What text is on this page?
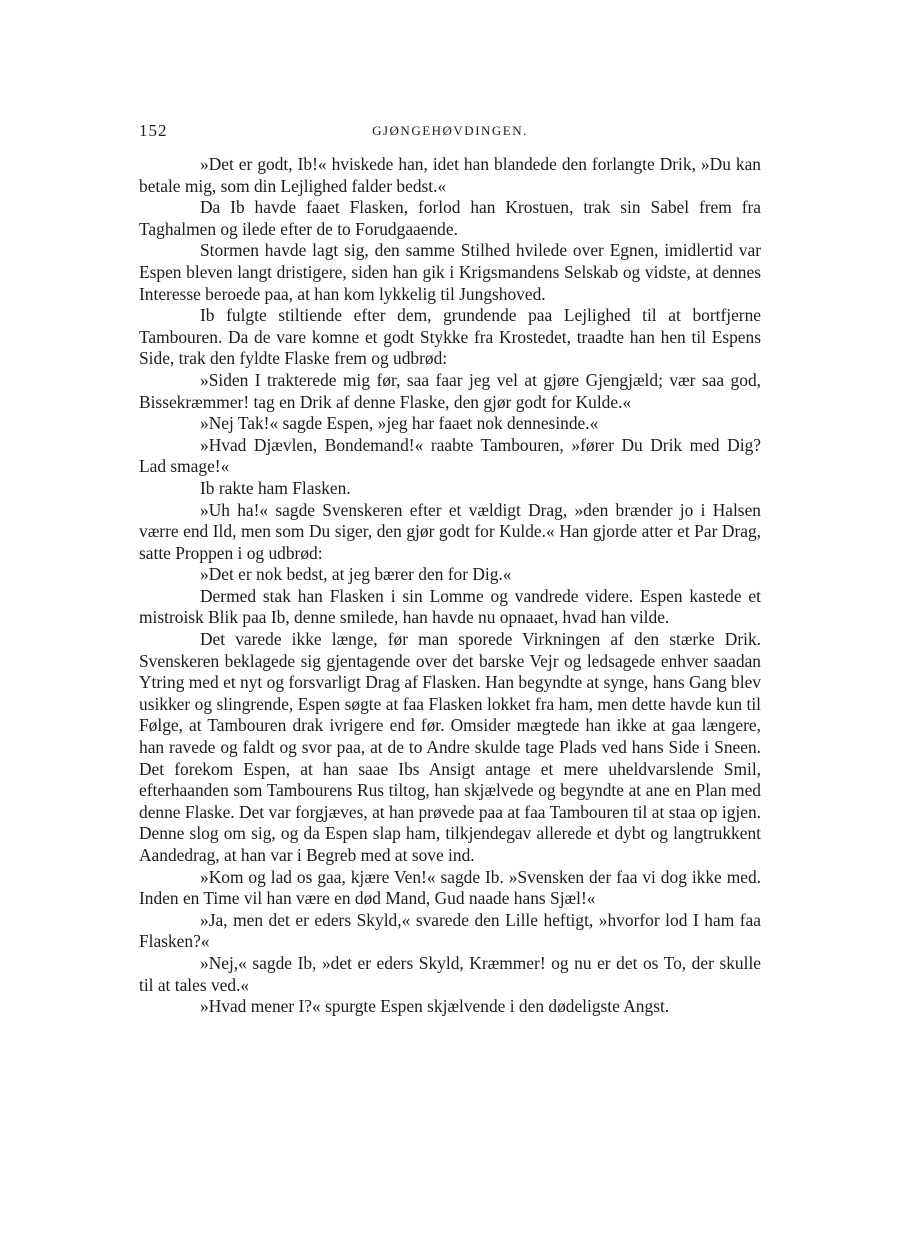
152	GJØNGEHØVDINGEN.

»Det er godt, Ib!« hviskede han, idet han blandede den forlangte Drik, »Du kan betale mig, som din Lejlighed falder bedst.«

Da Ib havde faaet Flasken, forlod han Krostuen, trak sin Sabel frem fra Taghalmen og ilede efter de to Forudgaaende.

Stormen havde lagt sig, den samme Stilhed hvilede over Egnen, imidlertid var Espen bleven langt dristigere, siden han gik i Krigsmandens Selskab og vidste, at dennes Interesse beroede paa, at han kom lykkelig til Jungshoved.

Ib fulgte stiltiende efter dem, grundende paa Lejlighed til at bortfjerne Tambouren. Da de vare komne et godt Stykke fra Krostedet, traadte han hen til Espens Side, trak den fyldte Flaske frem og udbrød:

»Siden I trakterede mig før, saa faar jeg vel at gjøre Gjengjæld; vær saa god, Bissekræmmer! tag en Drik af denne Flaske, den gjør godt for Kulde.«

»Nej Tak!« sagde Espen, »jeg har faaet nok dennesinde.«

»Hvad Djævlen, Bondemand!« raabte Tambouren, »fører Du Drik med Dig? Lad smage!«

Ib rakte ham Flasken.

»Uh ha!« sagde Svenskeren efter et vældigt Drag, »den brænder jo i Halsen værre end Ild, men som Du siger, den gjør godt for Kulde.« Han gjorde atter et Par Drag, satte Proppen i og udbrød:

»Det er nok bedst, at jeg bærer den for Dig.«

Dermed stak han Flasken i sin Lomme og vandrede videre. Espen kastede et mistroisk Blik paa Ib, denne smilede, han havde nu opnaaet, hvad han vilde.

Det varede ikke længe, før man sporede Virkningen af den stærke Drik. Svenskeren beklagede sig gjentagende over det barske Vejr og ledsagede enhver saadan Ytring med et nyt og forsvarligt Drag af Flasken. Han begyndte at synge, hans Gang blev usikker og slingrende, Espen søgte at faa Flasken lokket fra ham, men dette havde kun til Følge, at Tambouren drak ivrigere end før. Omsider mægtede han ikke at gaa længere, han ravede og faldt og svor paa, at de to Andre skulde tage Plads ved hans Side i Sneen. Det forekom Espen, at han saae Ibs Ansigt antage et mere uheldvarslende Smil, efterhaanden som Tambourens Rus tiltog, han skjælvede og begyndte at ane en Plan med denne Flaske. Det var forgjæves, at han prøvede paa at faa Tambouren til at staa op igjen. Denne slog om sig, og da Espen slap ham, tilkjendegav allerede et dybt og langtrukkent Aandedrag, at han var i Begreb med at sove ind.

»Kom og lad os gaa, kjære Ven!« sagde Ib. »Svensken der faa vi dog ikke med. Inden en Time vil han være en død Mand, Gud naade hans Sjæl!«

»Ja, men det er eders Skyld,« svarede den Lille heftigt, »hvorfor lod I ham faa Flasken?«

»Nej,« sagde Ib, »det er eders Skyld, Kræmmer! og nu er det os To, der skulle til at tales ved.«

»Hvad mener I?« spurgte Espen skjælvende i den dødeligste Angst.
